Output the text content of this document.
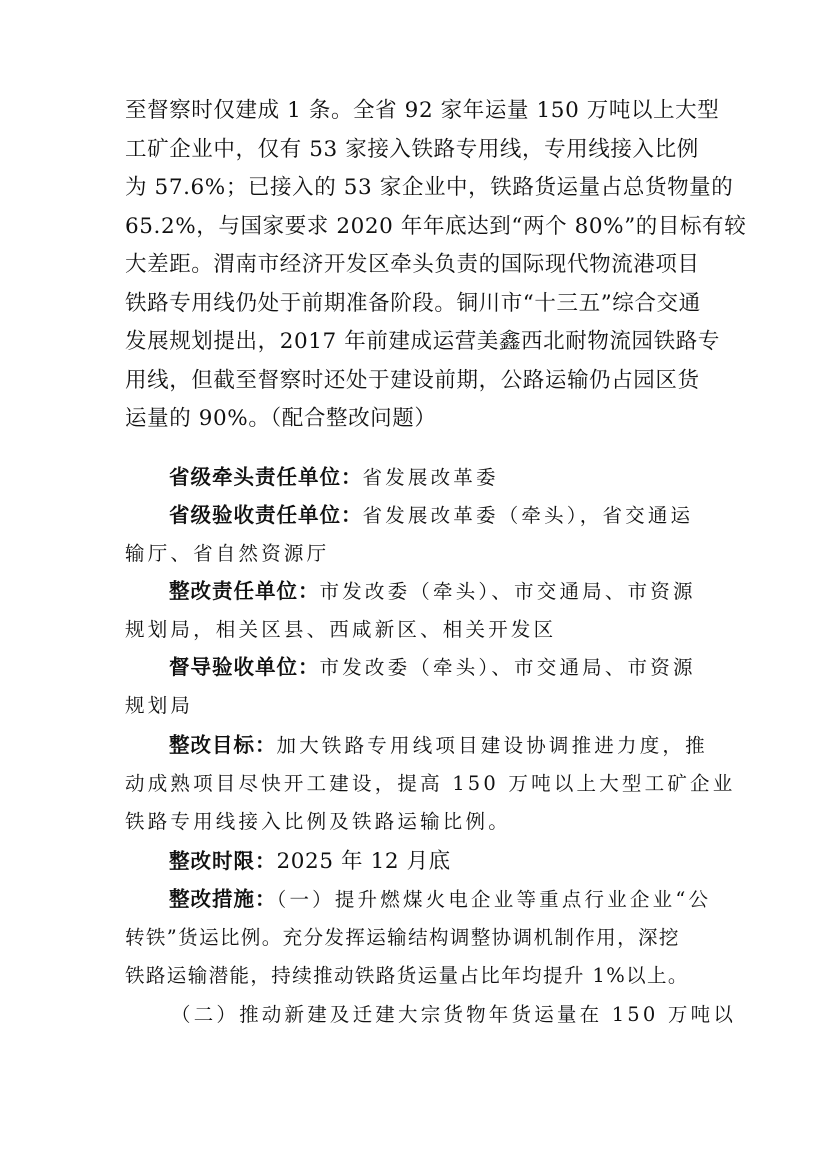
至督察时仅建成 1 条。全省 92 家年运量 150 万吨以上大型
工矿企业中，仅有 53 家接入铁路专用线，专用线接入比例
为 57.6%；已接入的 53 家企业中，铁路货运量占总货物量的
65.2%，与国家要求 2020 年年底达到“两个 80%”的目标有较
大差距。渭南市经济开发区牵头负责的国际现代物流港项目
铁路专用线仍处于前期准备阶段。铜川市“十三五”综合交通
发展规划提出，2017 年前建成运营美鑫西北耐物流园铁路专
用线，但截至督察时还处于建设前期，公路运输仍占园区货
运量的 90%。（配合整改问题）
省级牵头责任单位：省发展改革委
省级验收责任单位：省发展改革委（牵头），省交通运
输厅、省自然资源厅
整改责任单位：市发改委（牵头）、市交通局、市资源
规划局，相关区县、西咸新区、相关开发区
督导验收单位：市发改委（牵头）、市交通局、市资源
规划局
整改目标：加大铁路专用线项目建设协调推进力度，推
动成熟项目尽快开工建设，提高 150 万吨以上大型工矿企业
铁路专用线接入比例及铁路运输比例。
整改时限：2025 年 12 月底
整改措施：（一）提升燃煤火电企业等重点行业企业“公
转铁”货运比例。充分发挥运输结构调整协调机制作用，深挖
铁路运输潜能，持续推动铁路货运量占比年均提升 1%以上。
（二）推动新建及迁建大宗货物年货运量在 150 万吨以
